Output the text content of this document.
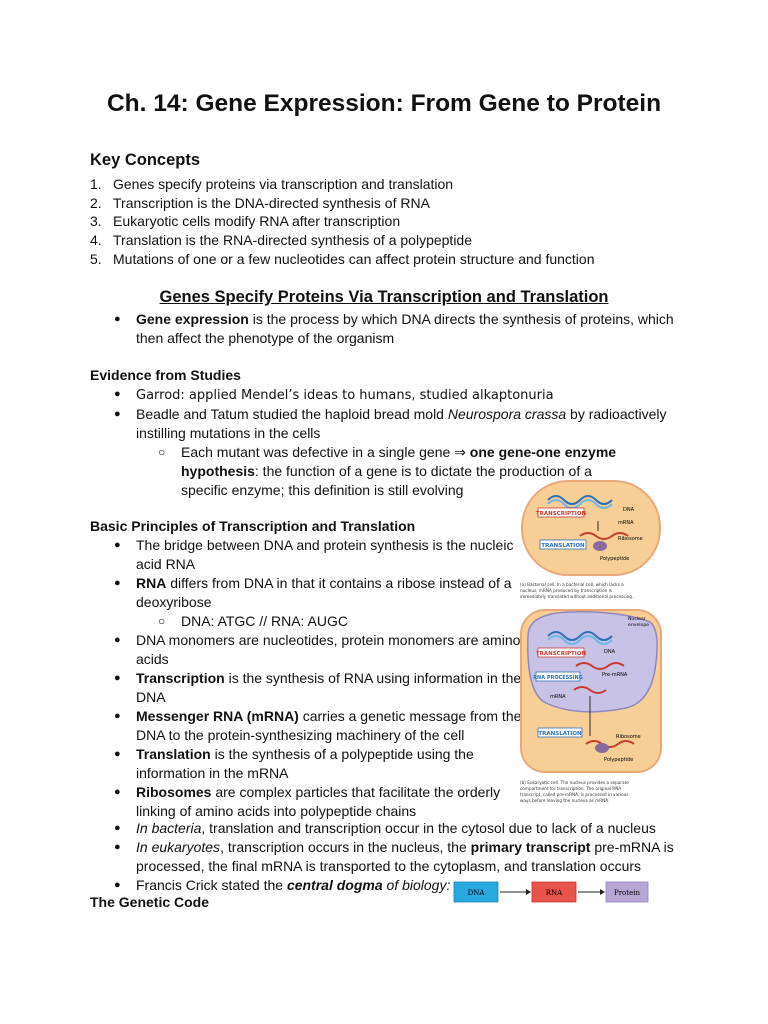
Ch. 14: Gene Expression: From Gene to Protein
Key Concepts
1. Genes specify proteins via transcription and translation
2. Transcription is the DNA-directed synthesis of RNA
3. Eukaryotic cells modify RNA after transcription
4. Translation is the RNA-directed synthesis of a polypeptide
5. Mutations of one or a few nucleotides can affect protein structure and function
Genes Specify Proteins Via Transcription and Translation
● Gene expression is the process by which DNA directs the synthesis of proteins, which then affect the phenotype of the organism
Evidence from Studies
● Garrod: applied Mendel’s ideas to humans, studied alkaptonuria
● Beadle and Tatum studied the haploid bread mold Neurospora crassa by radioactively instilling mutations in the cells
○ Each mutant was defective in a single gene ⇒ one gene-one enzyme hypothesis: the function of a gene is to dictate the production of a specific enzyme; this definition is still evolving
Basic Principles of Transcription and Translation
● The bridge between DNA and protein synthesis is the nucleic acid RNA
● RNA differs from DNA in that it contains a ribose instead of a deoxyribose
○ DNA: ATGC // RNA: AUGC
● DNA monomers are nucleotides, protein monomers are amino acids
● Transcription is the synthesis of RNA using information in the DNA
● Messenger RNA (mRNA) carries a genetic message from the DNA to the protein-synthesizing machinery of the cell
● Translation is the synthesis of a polypeptide using the information in the mRNA
● Ribosomes are complex particles that facilitate the orderly linking of amino acids into polypeptide chains
● In bacteria, translation and transcription occur in the cytosol due to lack of a nucleus
● In eukaryotes, transcription occurs in the nucleus, the primary transcript pre-mRNA is processed, the final mRNA is transported to the cytoplasm, and translation occurs
● Francis Crick stated the central dogma of biology:
The Genetic Code
TRANSCRIPTION
DNA
mRNA
TRANSLATION
Ribosome
Polypeptide
(a) Bacterial cell. In a bacterial cell, which lacks a
nucleus, mRNA produced by transcription is
immediately translated without additional processing.
Nuclear
envelope
DNA
TRANSCRIPTION
Pre-mRNA
RNA PROCESSING
mRNA
TRANSLATION	Ribosome
Polypeptide
(b) Eukaryotic cell. The nucleus provides a separate
compartment for transcription. The original RNA
transcript, called pre-mRNA, is processed in various
ways before leaving the nucleus as mRNA.
DNA	RNA	Protein
